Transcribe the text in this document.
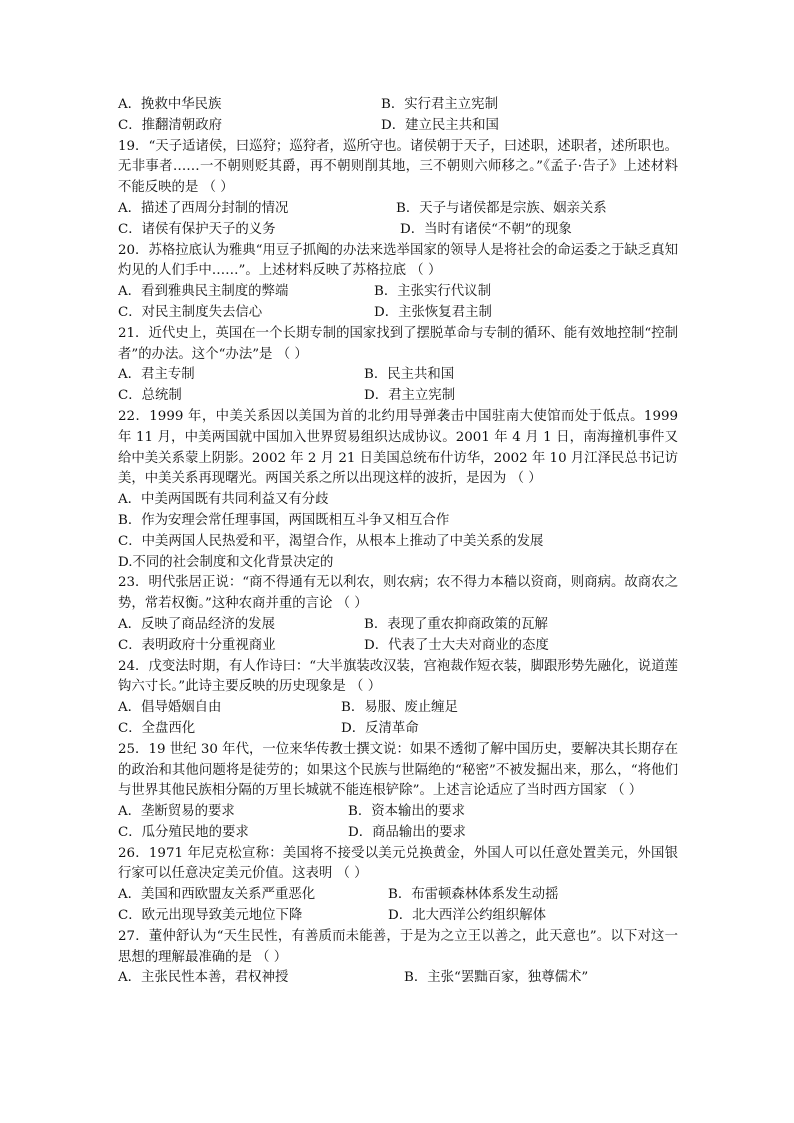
A．挽救中华民族	B．实行君主立宪制
C．推翻清朝政府	D．建立民主共和国
19．“天子适诸侯，曰巡狩；巡狩者，巡所守也。诸侯朝于天子，曰述职，述职者，述所职也。无非事者……一不朝则贬其爵，再不朝则削其地，三不朝则六师移之。”《孟子·告子》上述材料不能反映的是 （ ）
A．描述了西周分封制的情况	B．天子与诸侯都是宗族、姻亲关系
C．诸侯有保护天子的义务	D．当时有诸侯“不朝”的现象
20．苏格拉底认为雅典“用豆子抓阄的办法来选举国家的领导人是将社会的命运委之于缺乏真知灼见的人们手中……”。上述材料反映了苏格拉底 （ ）
A．看到雅典民主制度的弊端	B．主张实行代议制
C．对民主制度失去信心	D．主张恢复君主制
21．近代史上，英国在一个长期专制的国家找到了摆脱革命与专制的循环、能有效地控制“控制者”的办法。这个“办法”是 （ ）
A．君主专制	B．民主共和国
C．总统制	D．君主立宪制
22．1999 年，中美关系因以美国为首的北约用导弹袭击中国驻南大使馆而处于低点。1999 年 11 月，中美两国就中国加入世界贸易组织达成协议。2001 年 4 月 1 日，南海撞机事件又给中美关系蒙上阴影。2002 年 2 月 21 日美国总统布什访华，2002 年 10 月江泽民总书记访美，中美关系再现曙光。两国关系之所以出现这样的波折，是因为 （ ）
A．中美两国既有共同利益又有分歧
B．作为安理会常任理事国，两国既相互斗争又相互合作
C．中美两国人民热爱和平，渴望合作，从根本上推动了中美关系的发展
D.不同的社会制度和文化背景决定的
23．明代张居正说：“商不得通有无以利农，则农病；农不得力本穑以资商，则商病。故商农之势，常若权衡。”这种农商并重的言论 （ ）
A．反映了商品经济的发展	B．表现了重农抑商政策的瓦解
C．表明政府十分重视商业	D．代表了士大夫对商业的态度
24．戊变法时期，有人作诗曰：“大半旗装改汉装，宫袍裁作短衣装，脚跟形势先融化，说道莲钩六寸长。”此诗主要反映的历史现象是 （ ）
A．倡导婚姻自由	B．易服、废止缠足
C．全盘西化	D．反清革命
25．19 世纪 30 年代，一位来华传教士撰文说：如果不透彻了解中国历史，要解决其长期存在的政治和其他问题将是徒劳的；如果这个民族与世隔绝的“秘密”不被发掘出来，那么，“将他们与世界其他民族相分隔的万里长城就不能连根铲除”。上述言论适应了当时西方国家 （ ）
A．垄断贸易的要求	B．资本输出的要求
C．瓜分殖民地的要求	D．商品输出的要求
26．1971 年尼克松宣称：美国将不接受以美元兑换黄金，外国人可以任意处置美元，外国银行家可以任意决定美元价值。这表明 （ ）
A．美国和西欧盟友关系严重恶化	B．布雷顿森林体系发生动摇
C．欧元出现导致美元地位下降	D．北大西洋公约组织解体
27．董仲舒认为“天生民性，有善质而未能善，于是为之立王以善之，此天意也”。以下对这一思想的理解最准确的是 （ ）
A．主张民性本善，君权神授	B．主张“罢黜百家，独尊儒术”
